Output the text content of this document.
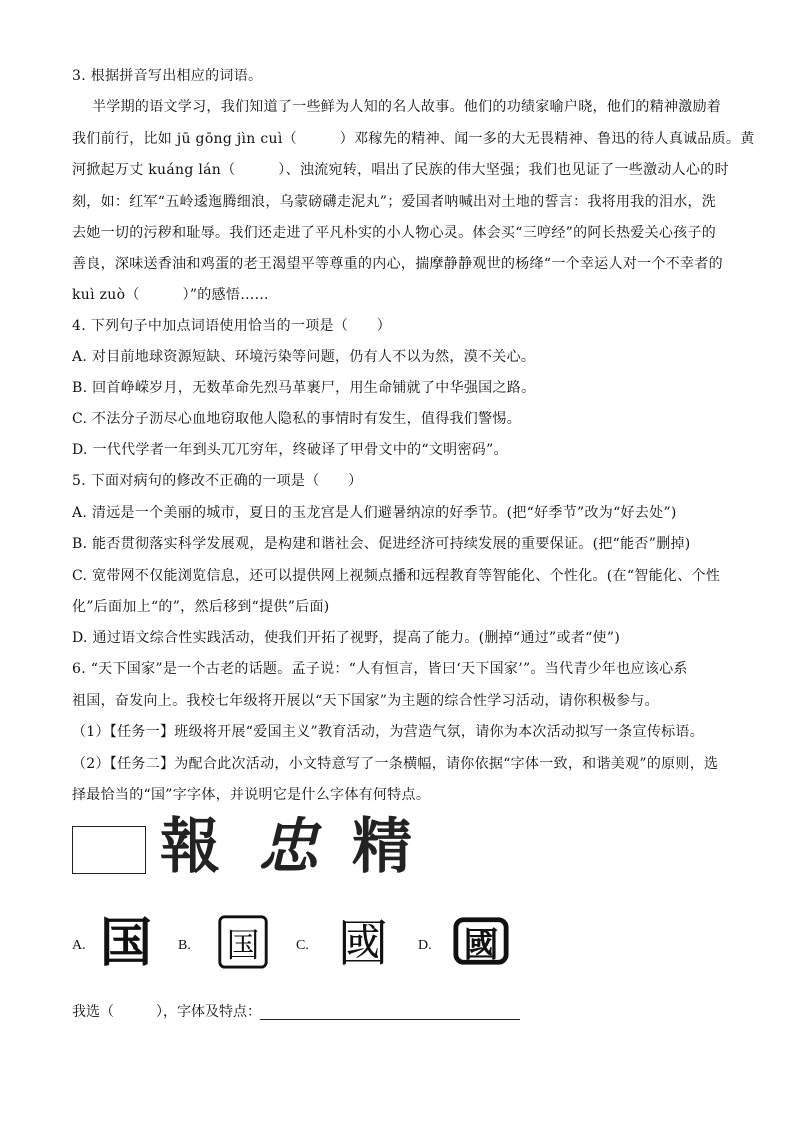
3. 根据拼音写出相应的词语。
半学期的语文学习，我们知道了一些鲜为人知的名人故事。他们的功绩家喻户晓，他们的精神激励着
我们前行，比如 jū gōng jìn cuì（　　　）邓稼先的精神、闻一多的大无畏精神、鲁迅的待人真诚品质。黄
河掀起万丈 kuáng lán（　　　）、浊流宛转，唱出了民族的伟大坚强；我们也见证了一些激动人心的时
刻，如：红军“五岭逶迤腾细浪，乌蒙磅礴走泥丸”；爱国者呐喊出对土地的誓言：我将用我的泪水，洗
去她一切的污秽和耻辱。我们还走进了平凡朴实的小人物心灵。体会买“三哼经”的阿长热爱关心孩子的
善良，深味送香油和鸡蛋的老王渴望平等尊重的内心，揣摩静静观世的杨绛“一个幸运人对一个不幸者的
kuì zuò（　　　）”的感悟……
4. 下列句子中加点词语使用恰当的一项是（　　）
A. 对目前地球资源短缺、环境污染等问题，仍有人不以为然，漠不关心。
B. 回首峥嵘岁月，无数革命先烈马革裹尸，用生命铺就了中华强国之路。
C. 不法分子沥尽心血地窃取他人隐私的事情时有发生，值得我们警惕。
D. 一代代学者一年到头兀兀穷年，终破译了甲骨文中的“文明密码”。
5. 下面对病句的修改不正确的一项是（　　）
A. 清远是一个美丽的城市，夏日的玉龙宫是人们避暑纳凉的好季节。(把“好季节”改为“好去处”)
B. 能否贯彻落实科学发展观，是构建和谐社会、促进经济可持续发展的重要保证。(把“能否”删掉)
C. 宽带网不仅能浏览信息，还可以提供网上视频点播和远程教育等智能化、个性化。(在“智能化、个性
化”后面加上“的”，然后移到“提供”后面)
D. 通过语文综合性实践活动，使我们开拓了视野，提高了能力。(删掉“通过”或者“使”)
6. “天下国家”是一个古老的话题。孟子说：“人有恒言，皆曰‘天下国家’”。当代青少年也应该心系
祖国，奋发向上。我校七年级将开展以“天下国家”为主题的综合性学习活动，请你积极参与。
（1）【任务一】班级将开展“爱国主义”教育活动，为营造气氛，请你为本次活动拟写一条宣传标语。
（2）【任务二】为配合此次活动，小文特意写了一条横幅，请你依据“字体一致，和谐美观”的原则，选
择最恰当的“国”字字体，并说明它是什么字体有何特点。
報 忠 精
A. 国 B. 国	C. 國 D. 國
我选（　　　），字体及特点：
